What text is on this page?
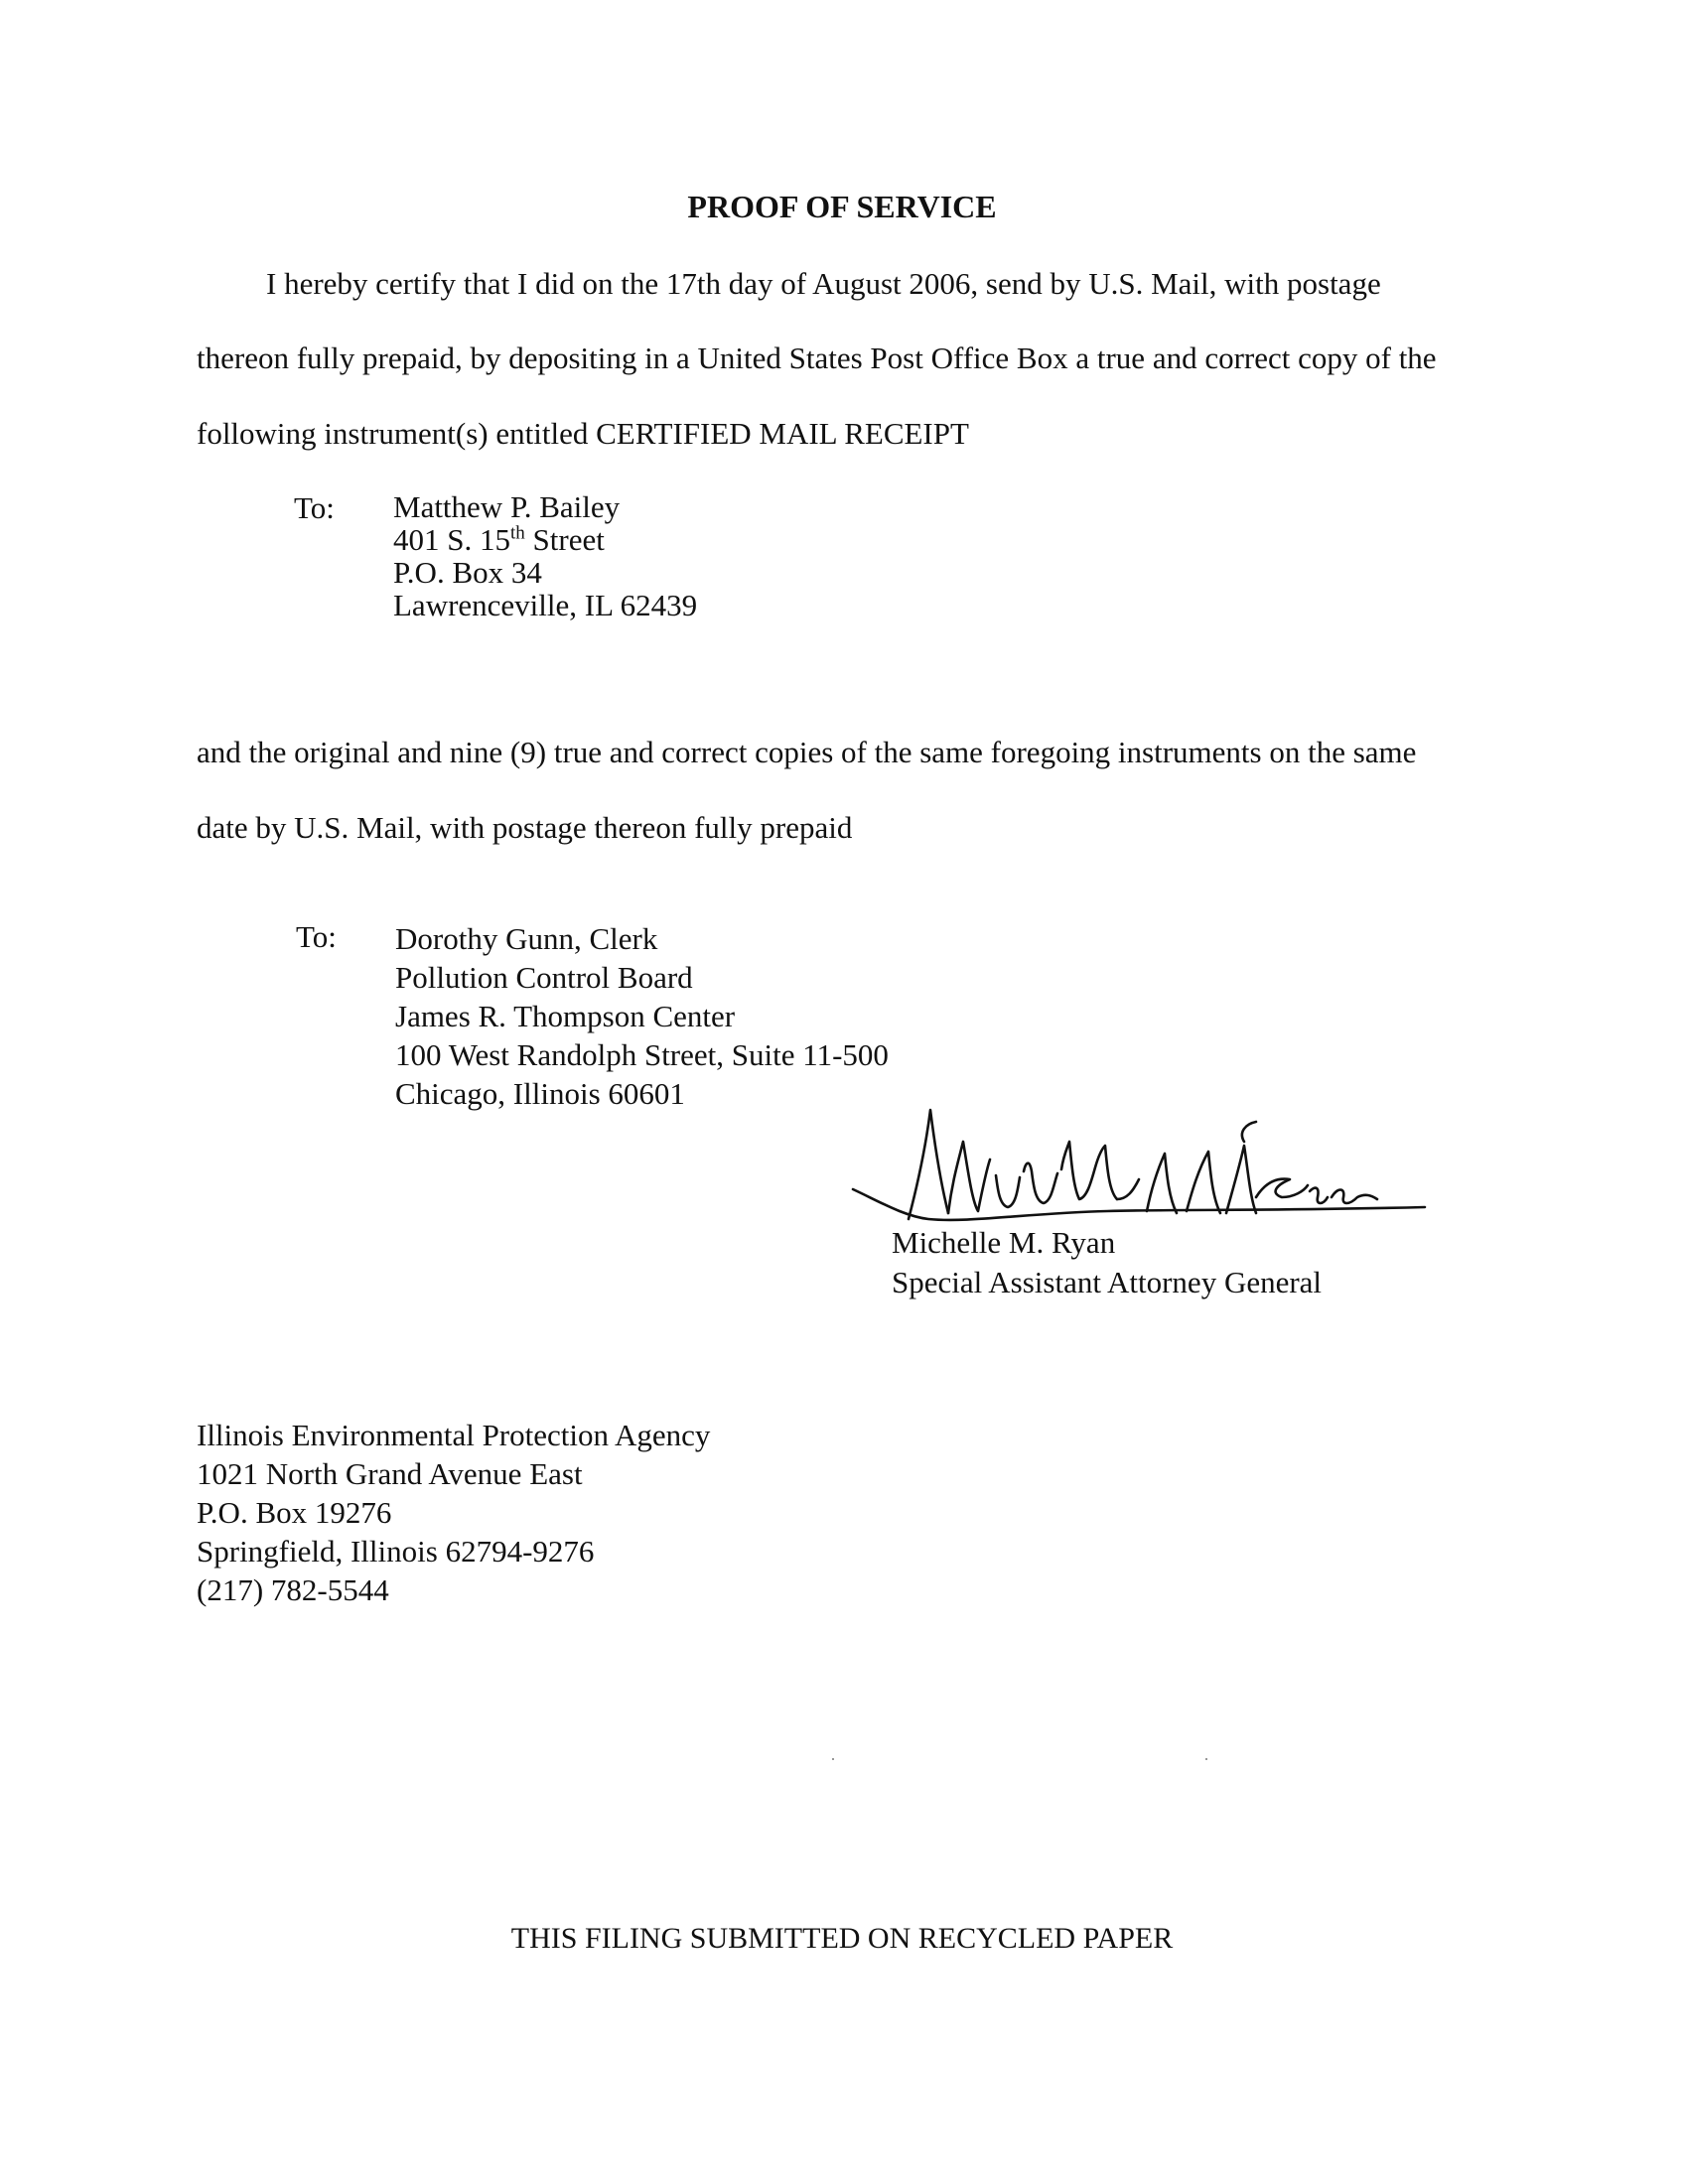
PROOF OF SERVICE
I hereby certify that I did on the 17th day of August 2006, send by U.S. Mail, with postage
thereon fully prepaid, by depositing in a United States Post Office Box a true and correct copy of the
following instrument(s) entitled CERTIFIED MAIL RECEIPT
To: Matthew P. Bailey
401 S. 15th Street
P.O. Box 34
Lawrenceville, IL 62439
and the original and nine (9) true and correct copies of the same foregoing instruments on the same
date by U.S. Mail, with postage thereon fully prepaid
To: Dorothy Gunn, Clerk
Pollution Control Board
James R. Thompson Center
100 West Randolph Street, Suite 11-500
Chicago, Illinois 60601
Michelle M. Ryan
Special Assistant Attorney General
Illinois Environmental Protection Agency
1021 North Grand Avenue East
P.O. Box 19276
Springfield, Illinois 62794-9276
(217) 782-5544
THIS FILING SUBMITTED ON RECYCLED PAPER
